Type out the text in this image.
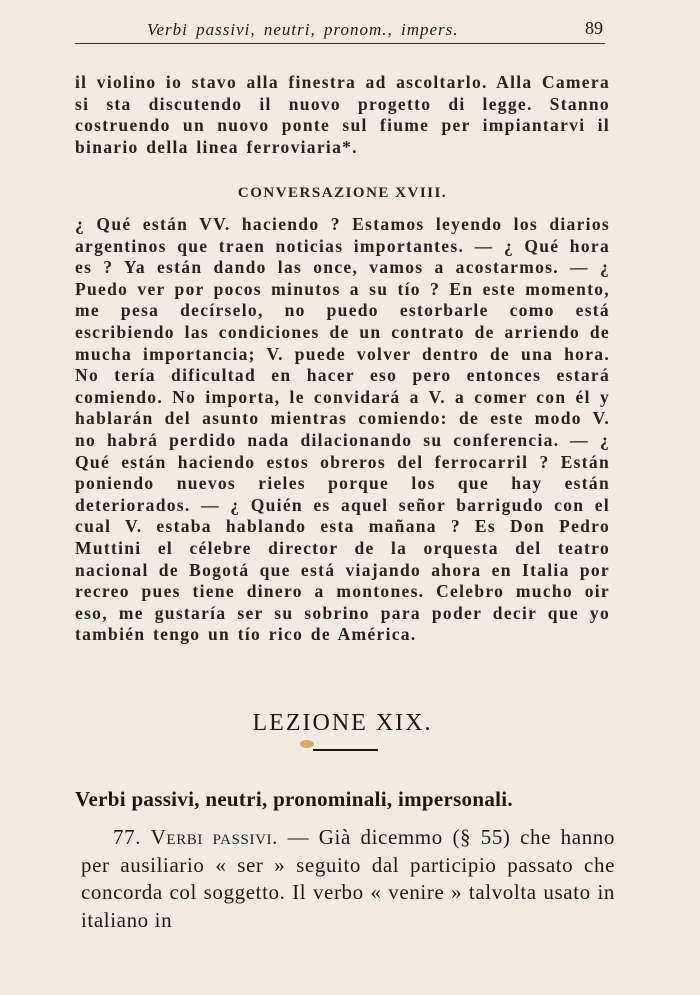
Verbi passivi, neutri, pronom., impers.	89
il violino io stavo alla finestra ad ascoltarlo. Alla Camera si sta discutendo il nuovo progetto di legge. Stanno costruendo un nuovo ponte sul fiume per impiantarvi il binario della linea ferroviaria*.
CONVERSAZIONE XVIII.
¿ Qué están VV. haciendo ? Estamos leyendo los diarios argentinos que traen noticias importantes. — ¿ Qué hora es ? Ya están dando las once, vamos a acostarmos. — ¿ Puedo ver por pocos minutos a su tío ? En este momento, me pesa decírselo, no puedo estorbarle como está escribiendo las condiciones de un contrato de arriendo de mucha importancia; V. puede volver dentro de una hora. No tería dificultad en hacer eso pero entonces estará comiendo. No importa, le convidará a V. a comer con él y hablarán del asunto mientras comiendo: de este modo V. no habrá perdido nada dilacionando su conferencia. — ¿ Qué están haciendo estos obreros del ferrocarril ? Están poniendo nuevos rieles porque los que hay están deteriorados. — ¿ Quién es aquel señor barrigudo con el cual V. estaba hablando esta mañana ? Es Don Pedro Muttini el célebre director de la orquesta del teatro nacional de Bogotá que está viajando ahora en Italia por recreo pues tiene dinero a montones. Celebro mucho oir eso, me gustaría ser su sobrino para poder decir que yo también tengo un tío rico de América.
LEZIONE XIX.
Verbi passivi, neutri, pronominali, impersonali.

77. Verbi passivi. — Già dicemmo (§ 55) che hanno per ausiliario « ser » seguito dal participio passato che concorda col soggetto. Il verbo « venire » talvolta usato in italiano in
